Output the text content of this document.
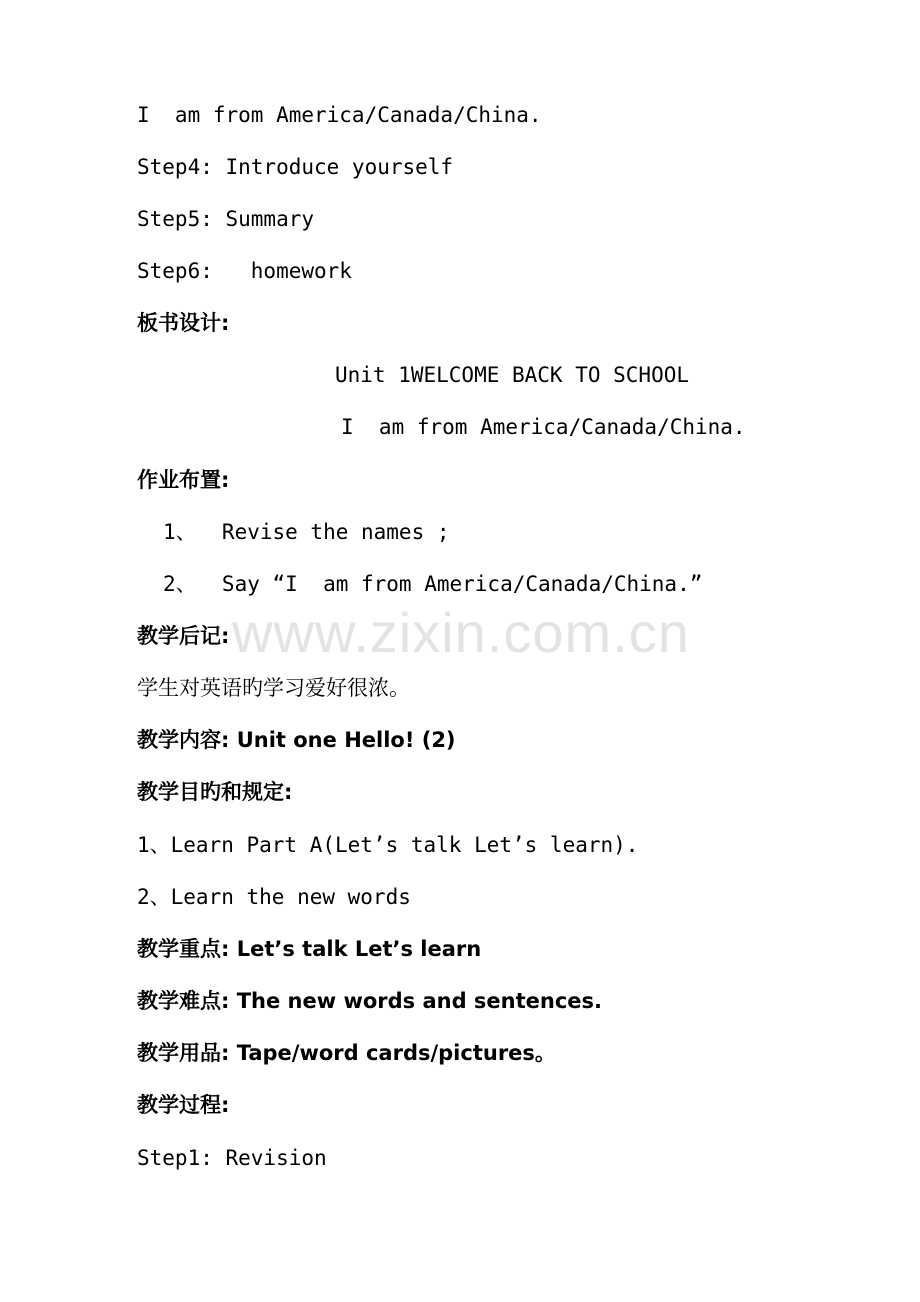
I  am from America/Canada/China.
Step4: Introduce yourself
Step5: Summary
Step6:   homework
板书设计:
Unit 1WELCOME BACK TO SCHOOL
I  am from America/Canada/China.
作业布置:
1、  Revise the names ;
2、  Say “I  am from America/Canada/China.”
教学后记:
学生对英语旳学习爱好很浓。
教学内容: Unit one Hello! (2)
教学目旳和规定:
1、Learn Part A(Let’s talk Let’s learn).
2、Learn the new words
教学重点: Let’s talk Let’s learn
教学难点: The new words and sentences.
教学用品: Tape/word cards/pictures。
教学过程:
Step1: Revision
www.zixin.com.cn
